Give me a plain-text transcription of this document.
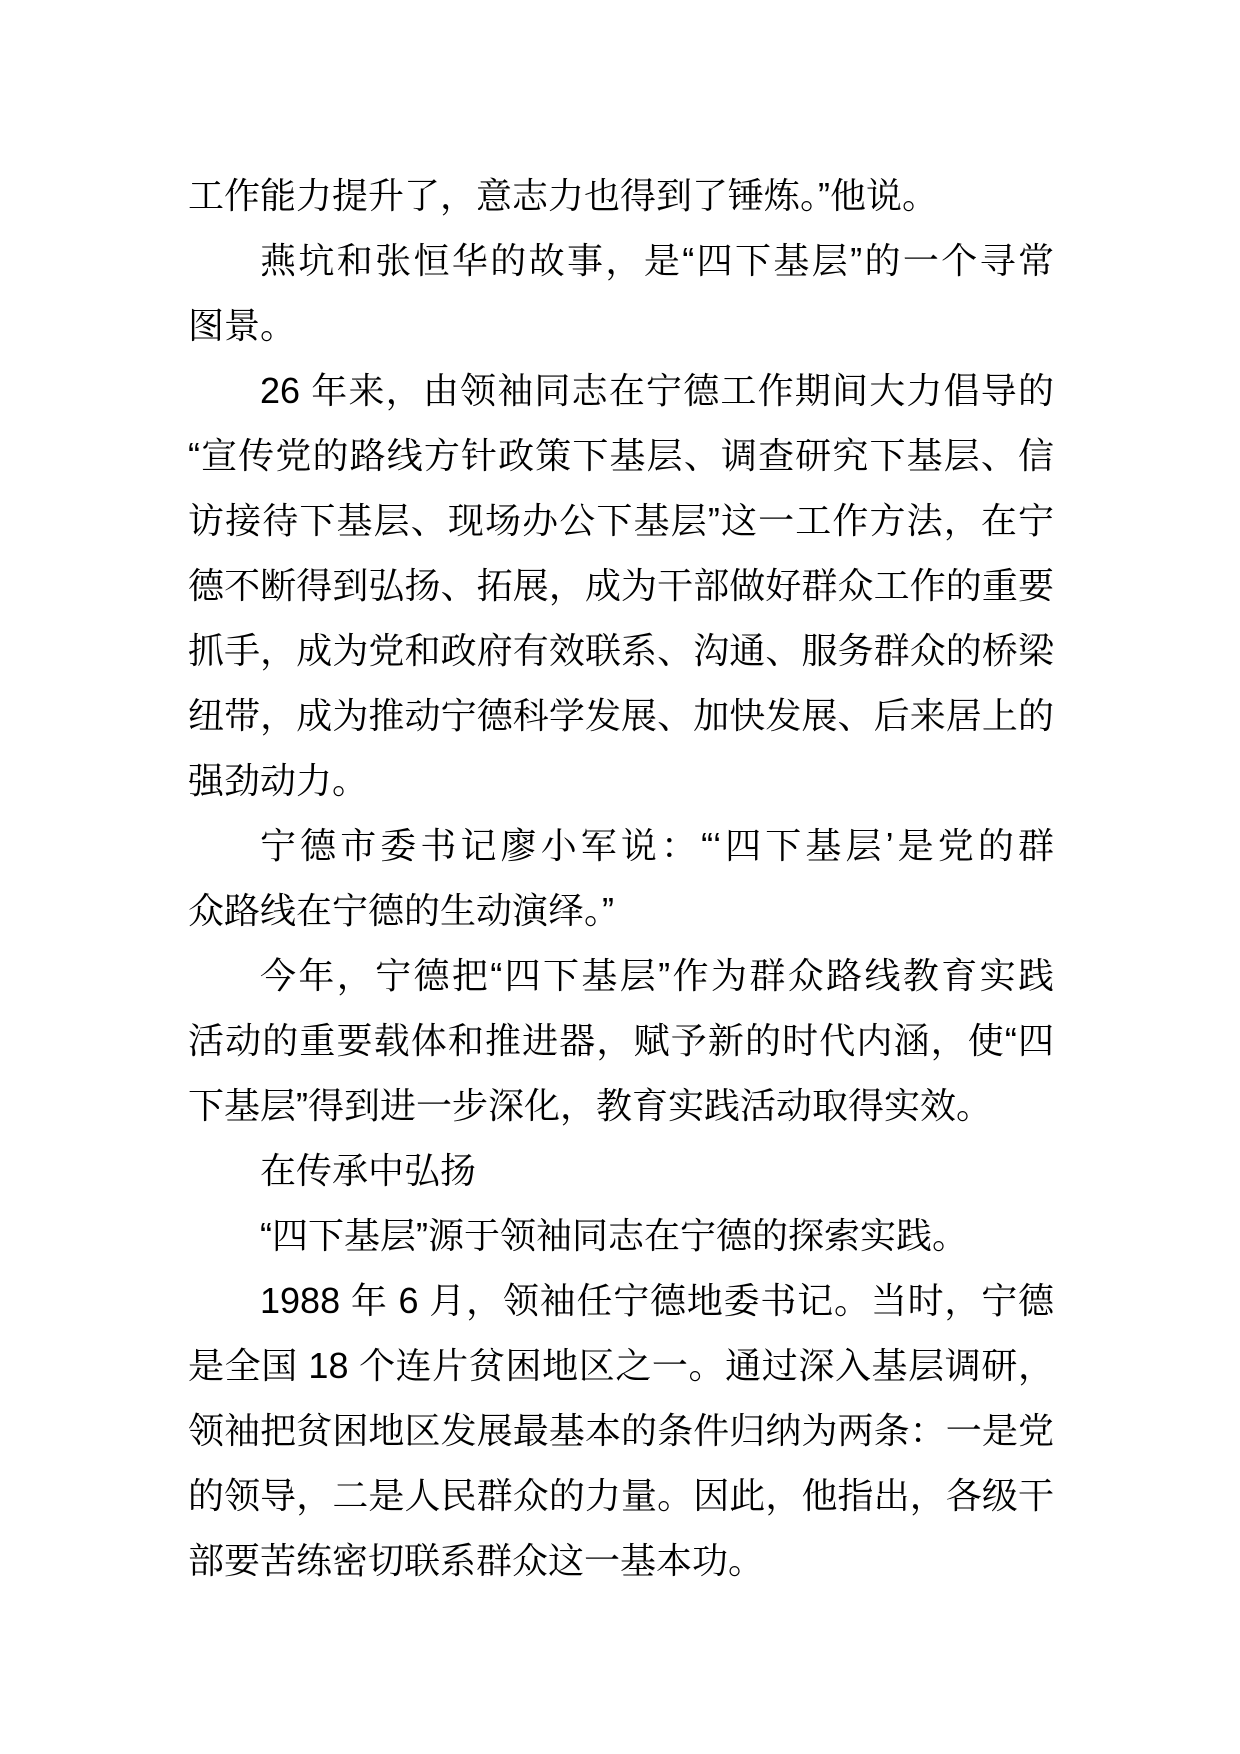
工作能力提升了，意志力也得到了锤炼。”他说。
燕坑和张恒华的故事，是“四下基层”的一个寻常
图景。
26 年来，由领袖同志在宁德工作期间大力倡导的
“宣传党的路线方针政策下基层、调查研究下基层、信
访接待下基层、现场办公下基层”这一工作方法，在宁
德不断得到弘扬、拓展，成为干部做好群众工作的重要
抓手，成为党和政府有效联系、沟通、服务群众的桥梁
纽带，成为推动宁德科学发展、加快发展、后来居上的
强劲动力。
宁德市委书记廖小军说：“‘四下基层’是党的群
众路线在宁德的生动演绎。”
今年，宁德把“四下基层”作为群众路线教育实践
活动的重要载体和推进器，赋予新的时代内涵，使“四
下基层”得到进一步深化，教育实践活动取得实效。
在传承中弘扬
“四下基层”源于领袖同志在宁德的探索实践。
1988 年 6 月，领袖任宁德地委书记。当时，宁德
是全国 18 个连片贫困地区之一。通过深入基层调研，
领袖把贫困地区发展最基本的条件归纳为两条：一是党
的领导，二是人民群众的力量。因此，他指出，各级干
部要苦练密切联系群众这一基本功。
